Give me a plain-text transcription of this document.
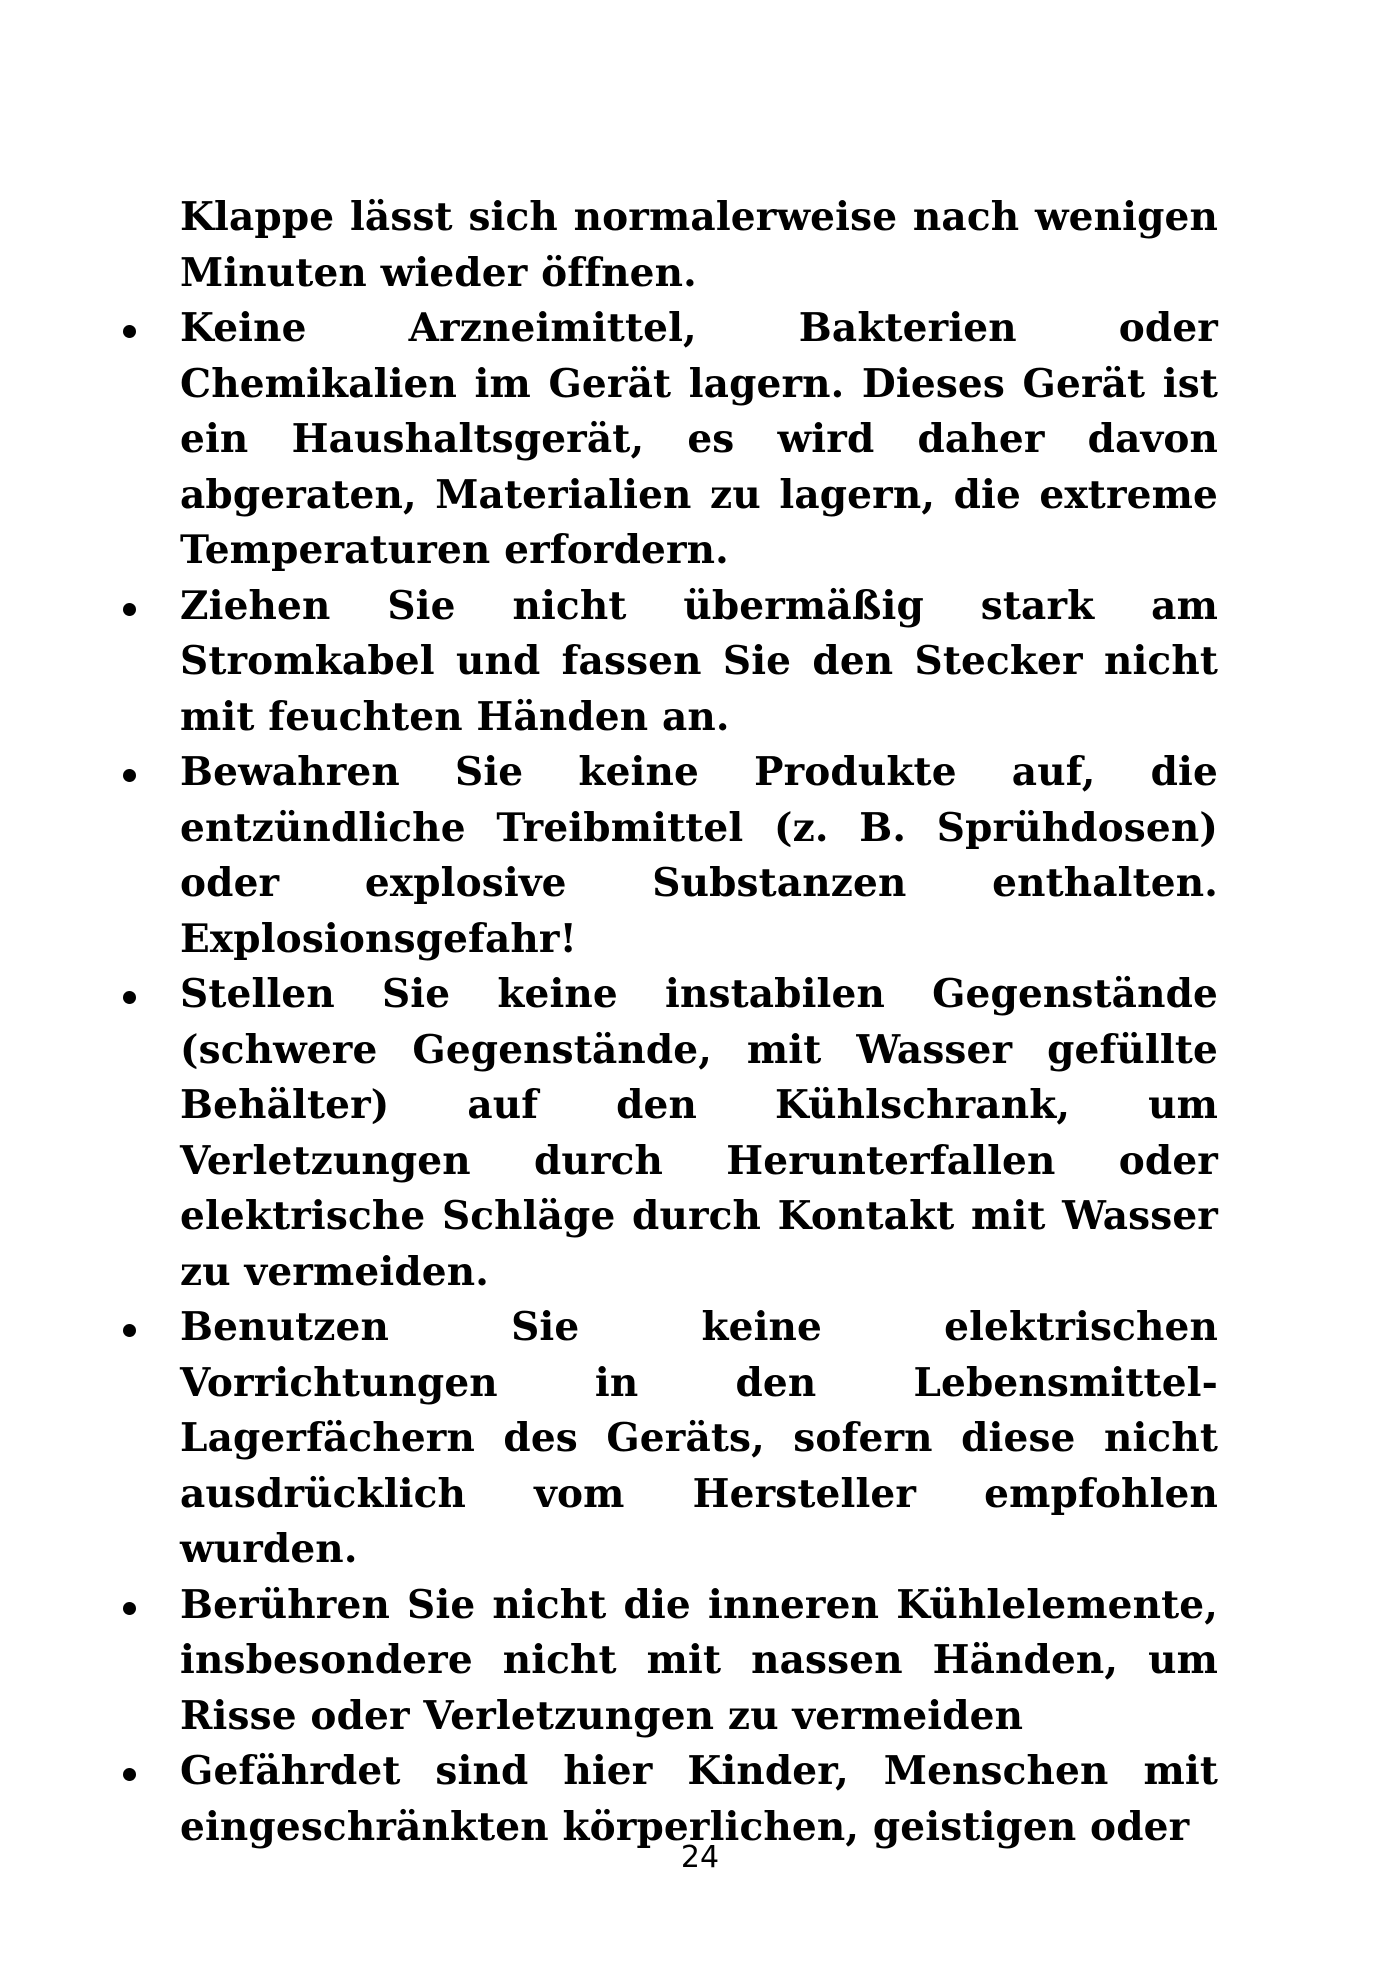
Klappe lässt sich normalerweise nach wenigen Minuten wieder öffnen.

Keine Arzneimittel, Bakterien oder Chemikalien im Gerät lagern. Dieses Gerät ist ein Haushaltsgerät, es wird daher davon abgeraten, Materialien zu lagern, die extreme Temperaturen erfordern.
Ziehen Sie nicht übermäßig stark am Stromkabel und fassen Sie den Stecker nicht mit feuchten Händen an.
Bewahren Sie keine Produkte auf, die entzündliche Treibmittel (z. B. Sprühdosen) oder explosive Substanzen enthalten. Explosionsgefahr!
Stellen Sie keine instabilen Gegenstände (schwere Gegenstände, mit Wasser gefüllte Behälter) auf den Kühlschrank, um Verletzungen durch Herunterfallen oder elektrische Schläge durch Kontakt mit Wasser zu vermeiden.
Benutzen Sie keine elektrischen Vorrichtungen in den Lebensmittel-Lagerfächern des Geräts, sofern diese nicht ausdrücklich vom Hersteller empfohlen wurden.
Berühren Sie nicht die inneren Kühlelemente, insbesondere nicht mit nassen Händen, um Risse oder Verletzungen zu vermeiden
Gefährdet sind hier Kinder, Menschen mit eingeschränkten körperlichen, geistigen oder
24
